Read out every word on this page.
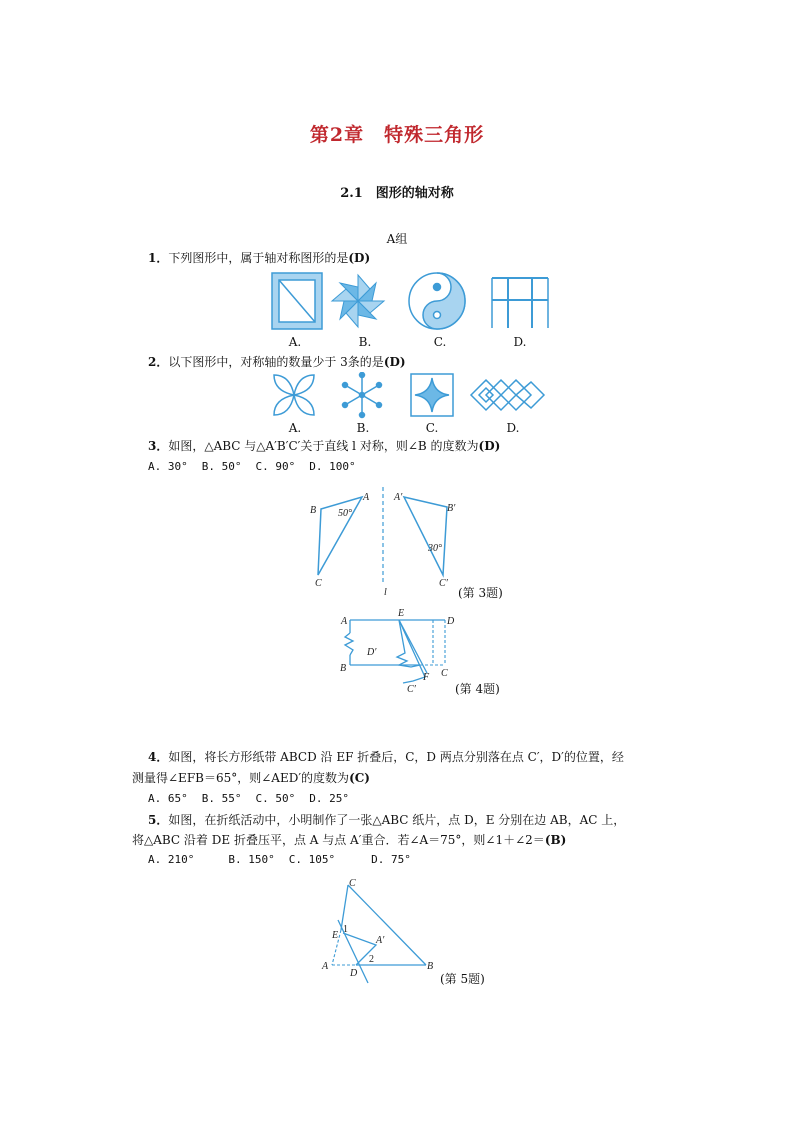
第2章　特殊三角形
2.1　图形的轴对称
A组
1．下列图形中，属于轴对称图形的是(D)
A.	B.	C.	D.
2．以下图形中，对称轴的数量少于 3条的是(D)
A.	B.	C.	D.
3．如图，△ABC 与△A′B′C′关于直线 l 对称，则∠B 的度数为(D)
A. 30° B. 50° C. 90° D. 100°
B
A
C
50°
A′
B′
C′
30°
l	(第 3题)
A
E
D
B	C
F
C′
D′
(第 4题)
4．如图，将长方形纸带 ABCD 沿 EF 折叠后，C，D 两点分别落在点 C′，D′的位置，经
测量得∠EFB＝65°，则∠AED′的度数为(C)
A. 65° B. 55° C. 50° D. 25°
5．如图，在折纸活动中，小明制作了一张△ABC 纸片，点 D，E 分别在边 AB，AC 上，
将△ABC 沿着 DE 折叠压平，点 A 与点 A′重合．若∠A＝75°，则∠1＋∠2＝(B)
A. 210°	B. 150° C. 105°	D. 75°
C
E
1
A′
2
A
D
B
(第 5题)
